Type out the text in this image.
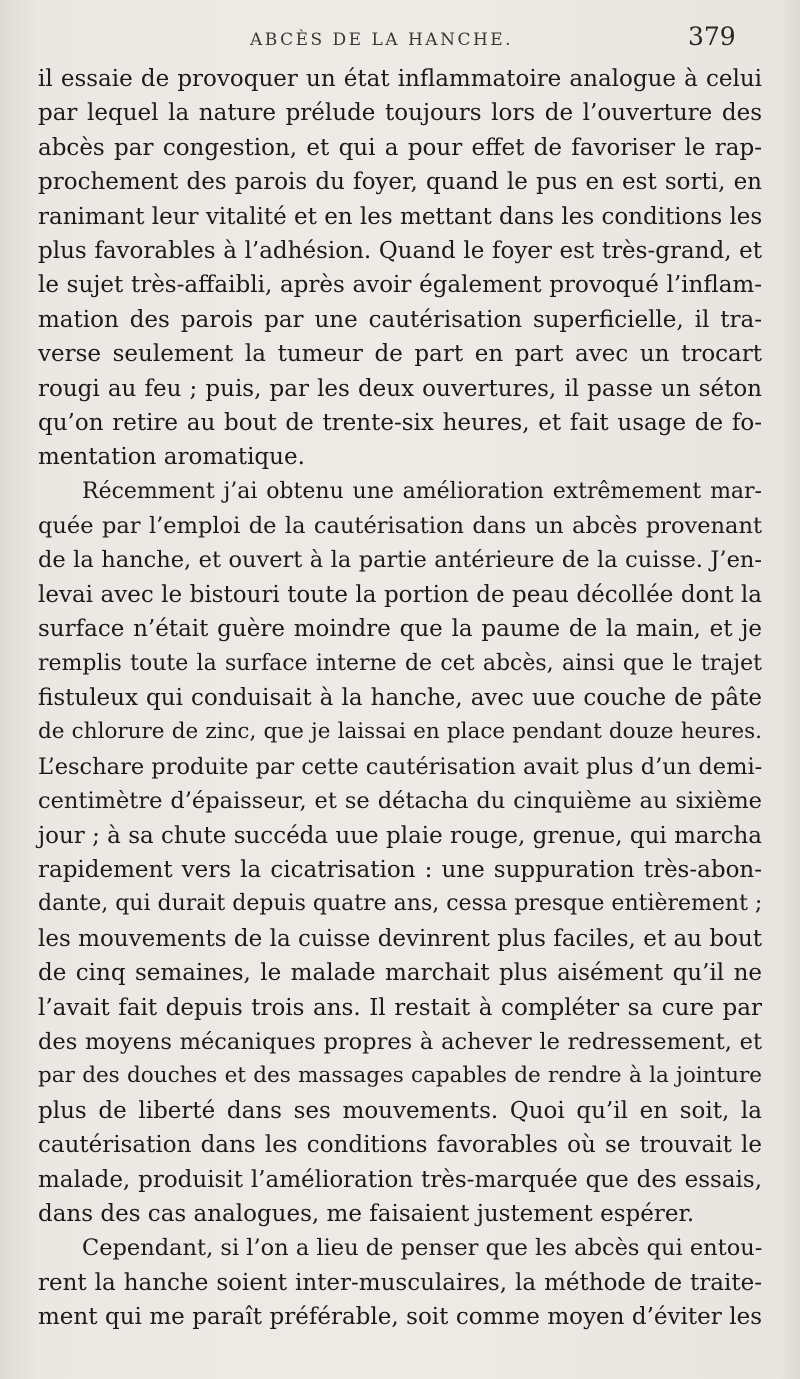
ABCÈS DE LA HANCHE.	379
il essaie de provoquer un état inflammatoire analogue à celui
par lequel la nature prélude toujours lors de l’ouverture des
abcès par congestion, et qui a pour effet de favoriser le rap-
prochement des parois du foyer, quand le pus en est sorti, en
ranimant leur vitalité et en les mettant dans les conditions les
plus favorables à l’adhésion. Quand le foyer est très-grand, et
le sujet très-affaibli, après avoir également provoqué l’inflam-
mation des parois par une cautérisation superficielle, il tra-
verse seulement la tumeur de part en part avec un trocart
rougi au feu ; puis, par les deux ouvertures, il passe un séton
qu’on retire au bout de trente-six heures, et fait usage de fo-
mentation aromatique.
Récemment j’ai obtenu une amélioration extrêmement mar-
quée par l’emploi de la cautérisation dans un abcès provenant
de la hanche, et ouvert à la partie antérieure de la cuisse. J’en-
levai avec le bistouri toute la portion de peau décollée dont la
surface n’était guère moindre que la paume de la main, et je
remplis toute la surface interne de cet abcès, ainsi que le trajet
fistuleux qui conduisait à la hanche, avec uue couche de pâte
de chlorure de zinc, que je laissai en place pendant douze heures.
L’eschare produite par cette cautérisation avait plus d’un demi-
centimètre d’épaisseur, et se détacha du cinquième au sixième
jour ; à sa chute succéda uue plaie rouge, grenue, qui marcha
rapidement vers la cicatrisation : une suppuration très-abon-
dante, qui durait depuis quatre ans, cessa presque entièrement ;
les mouvements de la cuisse devinrent plus faciles, et au bout
de cinq semaines, le malade marchait plus aisément qu’il ne
l’avait fait depuis trois ans. Il restait à compléter sa cure par
des moyens mécaniques propres à achever le redressement, et
par des douches et des massages capables de rendre à la jointure
plus de liberté dans ses mouvements. Quoi qu’il en soit, la
cautérisation dans les conditions favorables où se trouvait le
malade, produisit l’amélioration très-marquée que des essais,
dans des cas analogues, me faisaient justement espérer.
Cependant, si l’on a lieu de penser que les abcès qui entou-
rent la hanche soient inter-musculaires, la méthode de traite-
ment qui me paraît préférable, soit comme moyen d’éviter les
